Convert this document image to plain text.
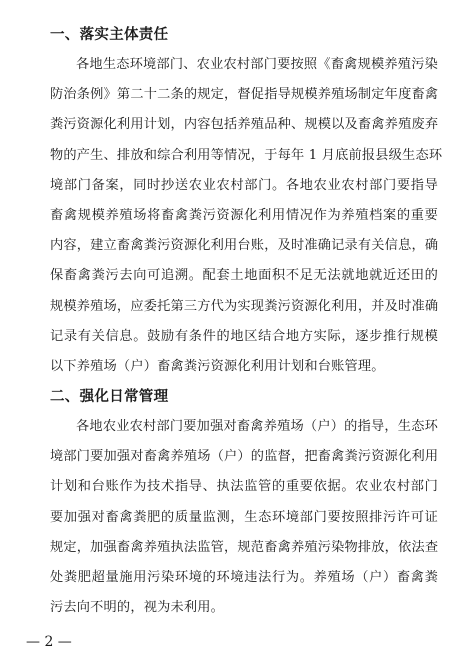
一、落实主体责任
各地生态环境部门、农业农村部门要按照《畜禽规模养殖污染
防治条例》第二十二条的规定，督促指导规模养殖场制定年度畜禽
粪污资源化利用计划，内容包括养殖品种、规模以及畜禽养殖废弃
物的产生、排放和综合利用等情况，于每年 1 月底前报县级生态环
境部门备案，同时抄送农业农村部门。各地农业农村部门要指导
畜禽规模养殖场将畜禽粪污资源化利用情况作为养殖档案的重要
内容，建立畜禽粪污资源化利用台账，及时准确记录有关信息，确
保畜禽粪污去向可追溯。配套土地面积不足无法就地就近还田的
规模养殖场，应委托第三方代为实现粪污资源化利用，并及时准确
记录有关信息。鼓励有条件的地区结合地方实际，逐步推行规模
以下养殖场（户）畜禽粪污资源化利用计划和台账管理。
二、强化日常管理
各地农业农村部门要加强对畜禽养殖场（户）的指导，生态环
境部门要加强对畜禽养殖场（户）的监督，把畜禽粪污资源化利用
计划和台账作为技术指导、执法监管的重要依据。农业农村部门
要加强对畜禽粪肥的质量监测，生态环境部门要按照排污许可证
规定，加强畜禽养殖执法监管，规范畜禽养殖污染物排放，依法查
处粪肥超量施用污染环境的环境违法行为。养殖场（户）畜禽粪
污去向不明的，视为未利用。
— 2 —
